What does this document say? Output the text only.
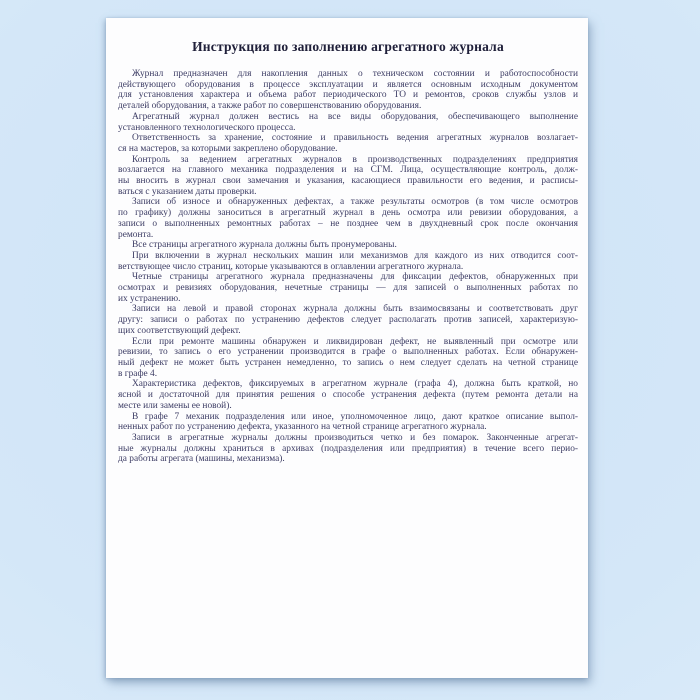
Инструкция по заполнению агрегатного журнала
Журнал предназначен для накопления данных о техническом состоянии и работоспособности
действующего оборудования в процессе эксплуатации и является основным исходным документом
для установления характера и объема работ периодического ТО и ремонтов, сроков службы узлов и
деталей оборудования, а также работ по совершенствованию оборудования.
Агрегатный журнал должен вестись на все виды оборудования, обеспечивающего выполнение
установленного технологического процесса.
Ответственность за хранение, состояние и правильность ведения агрегатных журналов возлагает-
ся на мастеров, за которыми закреплено оборудование.
Контроль за ведением агрегатных журналов в производственных подразделениях предприятия
возлагается на главного механика подразделения и на СГМ. Лица, осуществляющие контроль, долж-
ны вносить в журнал свои замечания и указания, касающиеся правильности его ведения, и расписы-
ваться с указанием даты проверки.
Записи об износе и обнаруженных дефектах, а также результаты осмотров (в том числе осмотров
по графику) должны заноситься в агрегатный журнал в день осмотра или ревизии оборудования, а
записи о выполненных ремонтных работах – не позднее чем в двухдневный срок после окончания
ремонта.
Все страницы агрегатного журнала должны быть пронумерованы.
При включении в журнал нескольких машин или механизмов для каждого из них отводится соот-
ветствующее число страниц, которые указываются в оглавлении агрегатного журнала.
Четные страницы агрегатного журнала предназначены для фиксации дефектов, обнаруженных при
осмотрах и ревизиях оборудования, нечетные страницы — для записей о выполненных работах по
их устранению.
Записи на левой и правой сторонах журнала должны быть взаимосвязаны и соответствовать друг
другу: записи о работах по устранению дефектов следует располагать против записей, характеризую-
щих соответствующий дефект.
Если при ремонте машины обнаружен и ликвидирован дефект, не выявленный при осмотре или
ревизии, то запись о его устранении производится в графе о выполненных работах. Если обнаружен-
ный дефект не может быть устранен немедленно, то запись о нем следует сделать на четной странице
в графе 4.
Характеристика дефектов, фиксируемых в агрегатном журнале (графа 4), должна быть краткой, но
ясной и достаточной для принятия решения о способе устранения дефекта (путем ремонта детали на
месте или замены ее новой).
В графе 7 механик подразделения или иное, уполномоченное лицо, дают краткое описание выпол-
ненных работ по устранению дефекта, указанного на четной странице агрегатного журнала.
Записи в агрегатные журналы должны производиться четко и без помарок. Законченные агрегат-
ные журналы должны храниться в архивах (подразделения или предприятия) в течение всего перио-
да работы агрегата (машины, механизма).
